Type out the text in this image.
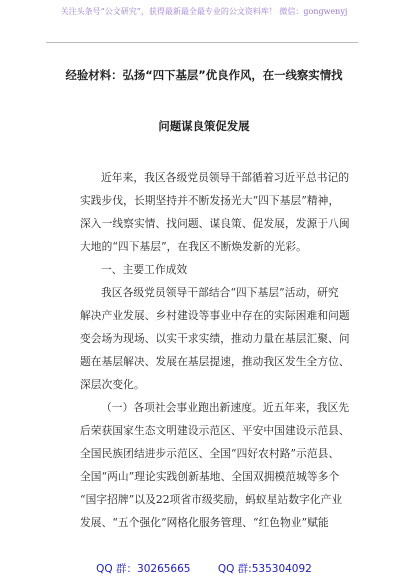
关注头条号“公文研究”，获得最新最全最专业的公文资料库！ 微信：gongwenyj
经验材料：弘扬“四下基层”优良作风，在一线察实情找
问题谋良策促发展
近年来，我区各级党员领导干部循着习近平总书记的
实践步伐，长期坚持并不断发扬光大“四下基层”精神，
深入一线察实情、找问题、谋良策、促发展，发源于八闽
大地的“四下基层”，在我区不断焕发新的光彩。
一、主要工作成效
我区各级党员领导干部结合“四下基层”活动，研究
解决产业发展、乡村建设等事业中存在的实际困难和问题
变会场为现场、以实干求实绩，推动力量在基层汇聚、问
题在基层解决、发展在基层提速，推动我区发生全方位、
深层次变化。
（一）各项社会事业跑出新速度。近五年来，我区先
后荣获国家生态文明建设示范区、平安中国建设示范县、
全国民族团结进步示范区、全国“四好农村路”示范县、
全国“两山”理论实践创新基地、全国双拥模范城等多个
“国字招牌”以及22项省市级奖励，蚂蚁星站数字化产业
发展、“五个强化”网格化服务管理、“红色物业”赋能
QQ 群：30265665	QQ 群:535304092
